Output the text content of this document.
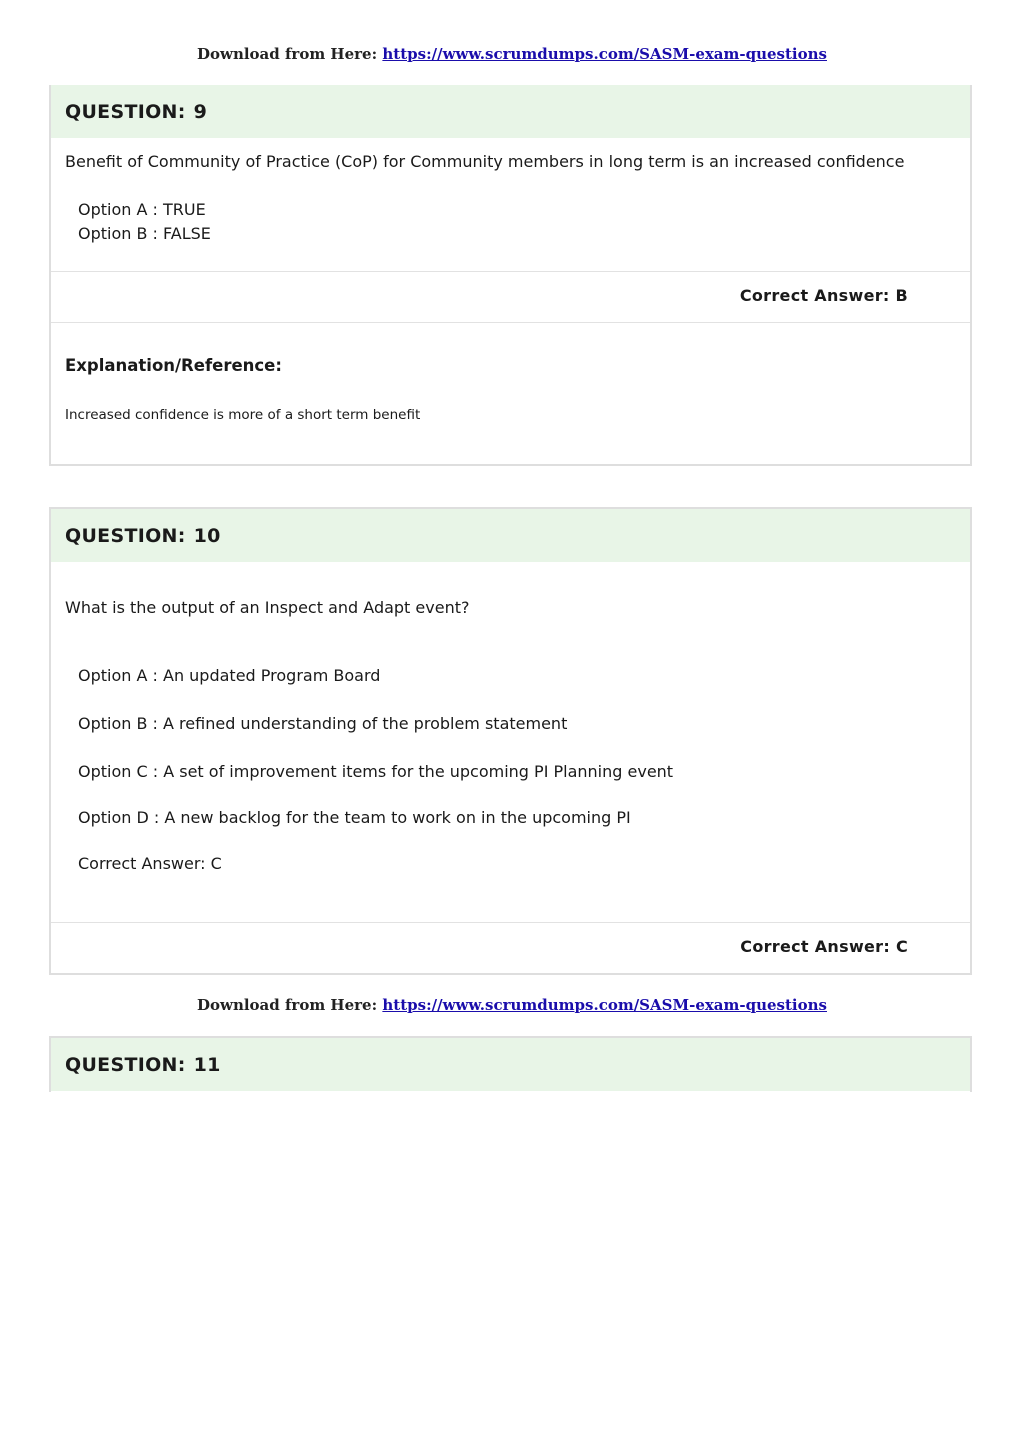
Download from Here: https://www.scrumdumps.com/SASM-exam-questions
QUESTION: 9
Benefit of Community of Practice (CoP) for Community members in long term is an increased confidence
Option A : TRUE
Option B : FALSE
Correct Answer: B
Explanation/Reference:
Increased confidence is more of a short term benefit
QUESTION: 10
What is the output of an Inspect and Adapt event?
Option A : An updated Program Board
Option B : A refined understanding of the problem statement
Option C : A set of improvement items for the upcoming PI Planning event
Option D : A new backlog for the team to work on in the upcoming PI
Correct Answer: C
Correct Answer: C
Download from Here: https://www.scrumdumps.com/SASM-exam-questions
QUESTION: 11
